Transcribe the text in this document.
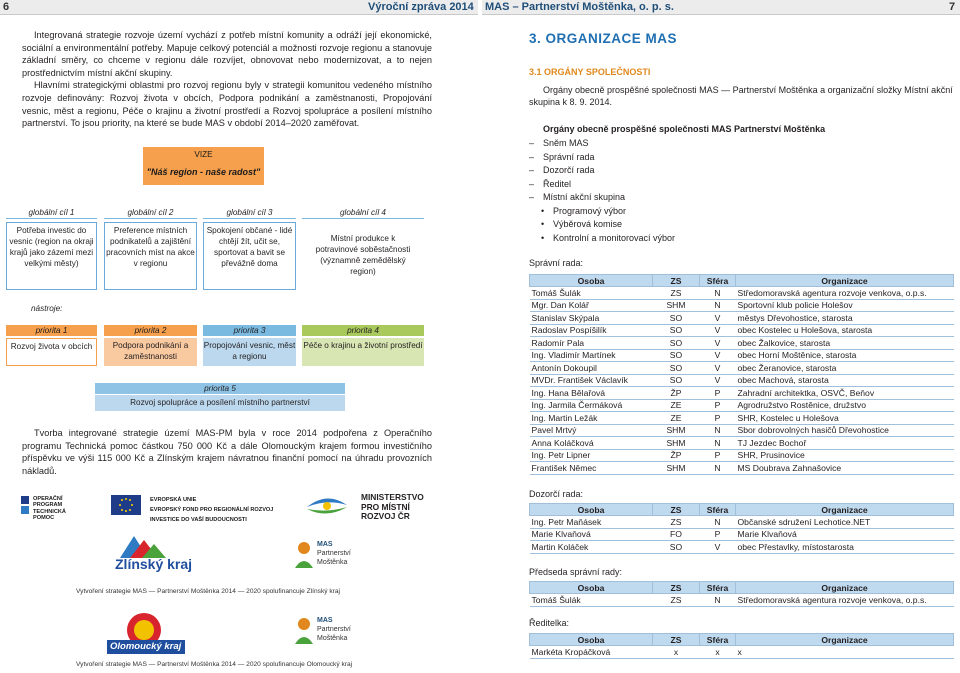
6	Výroční zpráva 2014 MAS – Partnerství Moštěnka, o. p. s.	7

Integrovaná strategie rozvoje území vychází z potřeb místní komunity a odráží její ekonomické, sociální a environmentální potřeby. Mapuje celkový potenciál a možnosti rozvoje regionu a stanovuje základní směry, co chceme v regionu dále rozvíjet, obnovovat nebo modernizovat, a to nejen prostřednictvím místní akční skupiny.

Hlavními strategickými oblastmi pro rozvoj regionu byly v strategii komunitou vedeného místního rozvoje definovány: Rozvoj života v obcích, Podpora podnikání a zaměstnanosti, Propojování vesnic, měst a regionu, Péče o krajinu a životní prostředí a Rozvoj spolupráce a posílení místního partnerství. To jsou priority, na které se bude MAS v období 2014–2020 zaměřovat.

VIZE
"Náš region - naše radost"
globální cíl 1	globální cíl 2	globální cíl 3	globální cíl 4
Potřeba investic do vesnic (region na okraji krajů jako zázemí mezi velkými městy)
Preference místních podnikatelů a zajištění pracovních míst na akce v regionu
Spokojení občané - lidé chtějí žít, učit se, sportovat a bavit se převážně doma
Místní produkce k potravinové soběstačnosti (významně zemědělský region)
nástroje:
priorita 1	priorita 2	priorita 3	priorita 4
Rozvoj života v obcích	Podpora podnikání a zaměstnanosti
Propojování vesnic, měst a regionu
Péče o krajinu a životní prostředí
priorita 5
Rozvoj spolupráce a posílení místního partnerství

Tvorba integrované strategie území MAS-PM byla v roce 2014 podpořena z Operačního programu Technická pomoc částkou 750 000 Kč a dále Olomouckým krajem formou investičního příspěvku ve výši 115 000 Kč a Zlínským krajem návratnou finanční pomocí na úhradu provozních nákladů.

OPERAČNÍ
PROGRAM
TECHNICKÁ
POMOC
EVROPSKÁ UNIE
EVROPSKÝ FOND PRO REGIONÁLNÍ ROZVOJ
INVESTICE DO VAŠÍ BUDOUCNOSTI
MINISTERSTVO
PRO MÍSTNÍ
ROZVOJ ČR
Zlínský kraj
MAS
Partnerství
Moštěnka
Vytvoření strategie MAS — Partnerství Moštěnka 2014 — 2020 spolufinancuje Zlínský kraj
Olomoucký kraj
MAS
Partnerství
Moštěnka
Vytvoření strategie MAS — Partnerství Moštěnka 2014 — 2020 spolufinancuje Olomoucký kraj
3. ORGANIZACE MAS
3.1 ORGÁNY SPOLEČNOSTI
Orgány obecně prospěšné společnosti MAS — Partnerství Moštěnka a organizační složky Místní akční skupina k 8. 9. 2014.
Orgány obecně prospěšné společnosti MAS Partnerství Moštěnka
– Sněm MAS
– Správní rada
– Dozorčí rada
– Ředitel
– Místní akční skupina
• Programový výbor
• Výběrová komise
• Kontrolní a monitorovací výbor
Správní rada:
Osoba	ZS	Sféra	Organizace
Tomáš Šulák	ZS	N	Středomoravská agentura rozvoje venkova, o.p.s.
Mgr. Dan Kolář	SHM	N	Sportovní klub policie Holešov
Stanislav Skýpala	SO	V	městys Dřevohostice, starosta
Radoslav Pospíšilík	SO	V	obec Kostelec u Holešova, starosta
Radomír Pala	SO	V	obec Žalkovice, starosta
Ing. Vladimír Martínek	SO	V	obec Horní Moštěnice, starosta
Antonín Dokoupil	SO	V	obec Žeranovice, starosta
MVDr. František Václavík	SO	V	obec Machová, starosta
Ing. Hana Bělařová	ŽP	P	Zahradní architektka, OSVČ, Beňov
Ing. Jarmila Čermáková	ZE	P	Agrodružstvo Rostěnice, družstvo
Ing. Martin Ležák	ZE	P	SHR, Kostelec u Holešova
Pavel Mrtvý	SHM	N	Sbor dobrovolných hasičů Dřevohostice
Anna Koláčková	SHM	N	TJ Jezdec Bochoř
Ing. Petr Lipner	ŽP	P	SHR, Prusinovice
František Němec	SHM	N	MS Doubrava Zahnašovice
Dozorčí rada:
Osoba	ZS	Sféra	Organizace
Ing. Petr Maňásek	ZS	N	Občanské sdružení Lechotice.NET
Marie Klvaňová	FO	P	Marie Klvaňová
Martin Koláček	SO	V	obec Přestavlky, místostarosta
Předseda správní rady:
Osoba	ZS	Sféra	Organizace
Tomáš Šulák	ZS	N	Středomoravská agentura rozvoje venkova, o.p.s.
Ředitelka:
Osoba	ZS	Sféra	Organizace
Markéta Kropáčková	x	x	x
